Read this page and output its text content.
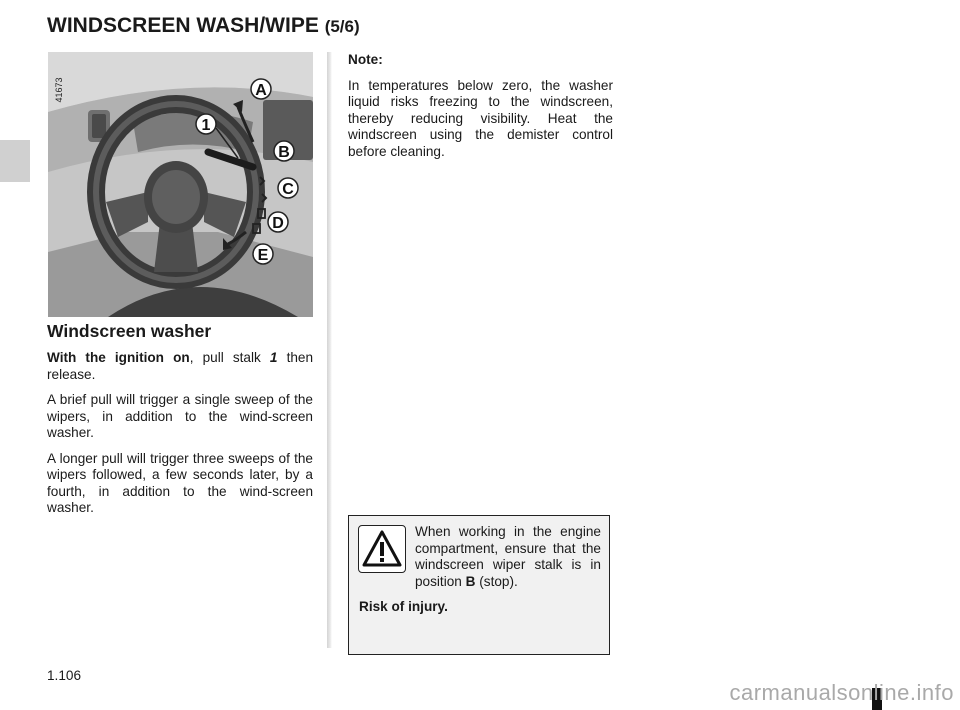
WINDSCREEN WASH/WIPE (5/6)
A
1
B
C
D
E
41673
Windscreen washer

With the ignition on, pull stalk 1 then release.

A brief pull will trigger a single sweep of the wipers, in addition to the wind-screen washer.

A longer pull will trigger three sweeps of the wipers followed, a few seconds later, by a fourth, in addition to the wind-screen washer.

Note:

In temperatures below zero, the washer liquid risks freezing to the windscreen, thereby reducing visibility. Heat the windscreen using the demister control before cleaning.

When working in the engine compartment, ensure that the windscreen wiper stalk is in position B (stop).
Risk of injury.
1.106
carmanualsonline.info
